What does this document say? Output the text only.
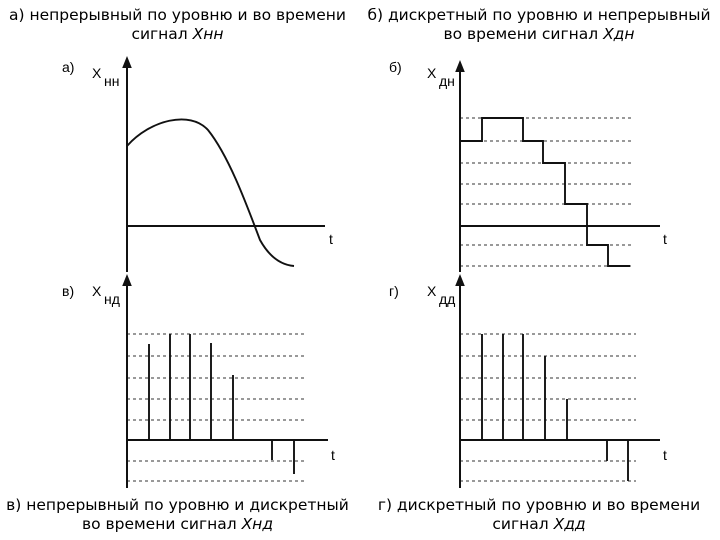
а) непрерывный по уровню и во времени
сигнал Xнн
б) дискретный по уровню и непрерывный
во времени сигнал Xдн
в) непрерывный по уровню и дискретный
во времени сигнал Xнд
г) дискретный по уровню и во времени
сигнал Xдд
а) X нн
t
б) X дн
t
в) X нд
t
г) X дд
t
